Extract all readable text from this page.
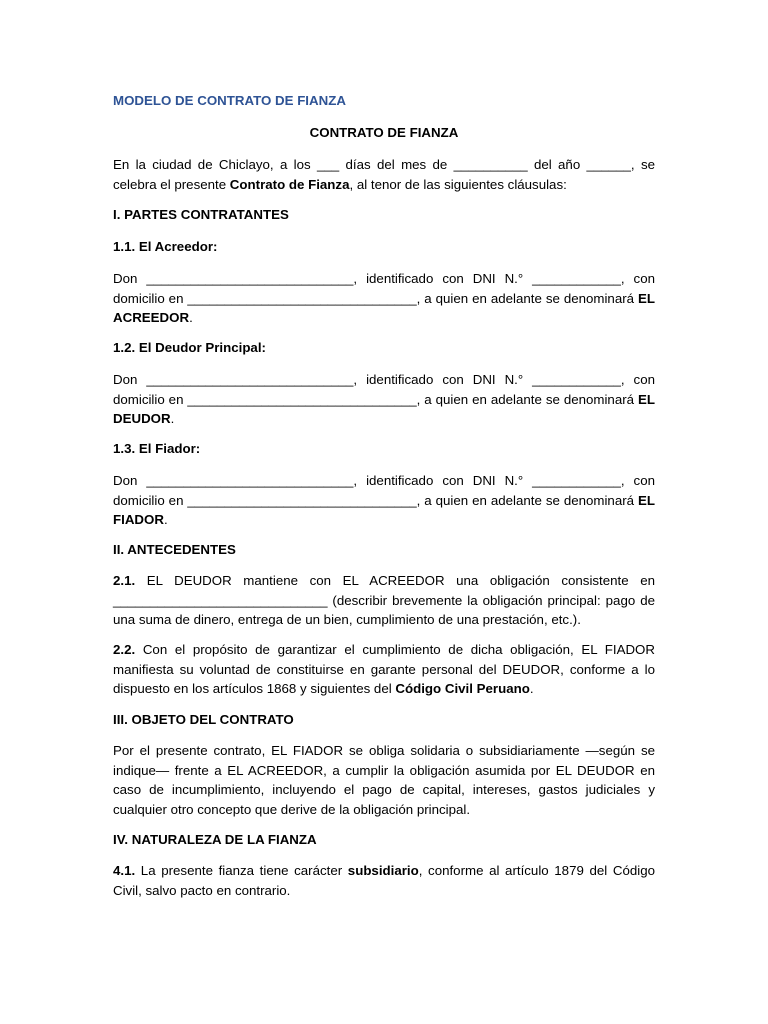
MODELO DE CONTRATO DE FIANZA
CONTRATO DE FIANZA

En la ciudad de Chiclayo, a los ___ días del mes de __________ del año ______, se celebra el presente Contrato de Fianza, al tenor de las siguientes cláusulas:

I. PARTES CONTRATANTES

1.1. El Acreedor:

Don ____________________________, identificado con DNI N.° ____________, con domicilio en _______________________________, a quien en adelante se denominará EL ACREEDOR.

1.2. El Deudor Principal:

Don ____________________________, identificado con DNI N.° ____________, con domicilio en _______________________________, a quien en adelante se denominará EL DEUDOR.

1.3. El Fiador:

Don ____________________________, identificado con DNI N.° ____________, con domicilio en _______________________________, a quien en adelante se denominará EL FIADOR.

II. ANTECEDENTES

2.1. EL DEUDOR mantiene con EL ACREEDOR una obligación consistente en _____________________________ (describir brevemente la obligación principal: pago de una suma de dinero, entrega de un bien, cumplimiento de una prestación, etc.).

2.2. Con el propósito de garantizar el cumplimiento de dicha obligación, EL FIADOR manifiesta su voluntad de constituirse en garante personal del DEUDOR, conforme a lo dispuesto en los artículos 1868 y siguientes del Código Civil Peruano.

III. OBJETO DEL CONTRATO

Por el presente contrato, EL FIADOR se obliga solidaria o subsidiariamente —según se indique— frente a EL ACREEDOR, a cumplir la obligación asumida por EL DEUDOR en caso de incumplimiento, incluyendo el pago de capital, intereses, gastos judiciales y cualquier otro concepto que derive de la obligación principal.

IV. NATURALEZA DE LA FIANZA

4.1. La presente fianza tiene carácter subsidiario, conforme al artículo 1879 del Código Civil, salvo pacto en contrario.
